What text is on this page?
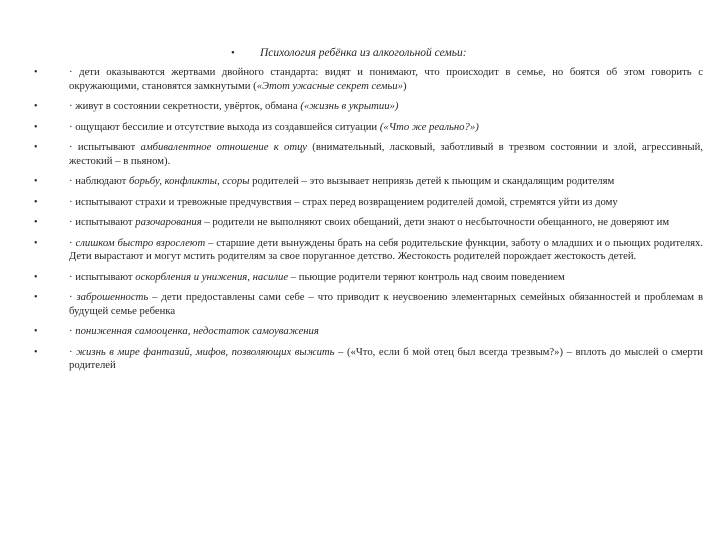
• Психология ребёнка из алкогольной семьи:
•	· дети оказываются жертвами двойного стандарта: видят и понимают, что происходит в семье, но боятся об этом говорить с окружающими, становятся замкнутыми («Этот ужасные секрет семьи»)
•	· живут в состоянии секретности, увёрток, обмана («жизнь в укрытии»)
•	· ощущают бессилие и отсутствие выхода из создавшейся ситуации («Что же реально?»)
•	· испытывают амбивалентное отношение к отцу (внимательный, ласковый, заботливый в трезвом состоянии и злой, агрессивный, жестокий – в пьяном).
•	· наблюдают борьбу, конфликты, ссоры родителей – это вызывает неприязь детей к пьющим и скандалящим родителям
•	· испытывают страхи и тревожные предчувствия – страх перед возвращением родителей домой, стремятся уйти из дому
•	· испытывают разочарования – родители не выполняют своих обещаний, дети знают о несбыточности обещанного, не доверяют им
•	· слишком быстро взрослеют – старшие дети вынуждены брать на себя родительские функции, заботу о младших и о пьющих родителях. Дети вырастают и могут мстить родителям за свое поруганное детство. Жестокость родителей порождает жестокость детей.
•	· испытывают оскорбления и унижения, насилие – пьющие родители теряют контроль над своим поведением
•	· заброшенность – дети предоставлены сами себе – что приводит к неусвоению элементарных семейных обязанностей и проблемам в будущей семье ребенка
•	· пониженная самооценка, недостаток самоуважения
•	· жизнь в мире фантазий, мифов, позволяющих выжить – («Что, если б мой отец был всегда трезвым?») – вплоть до мыслей о смерти родителей
